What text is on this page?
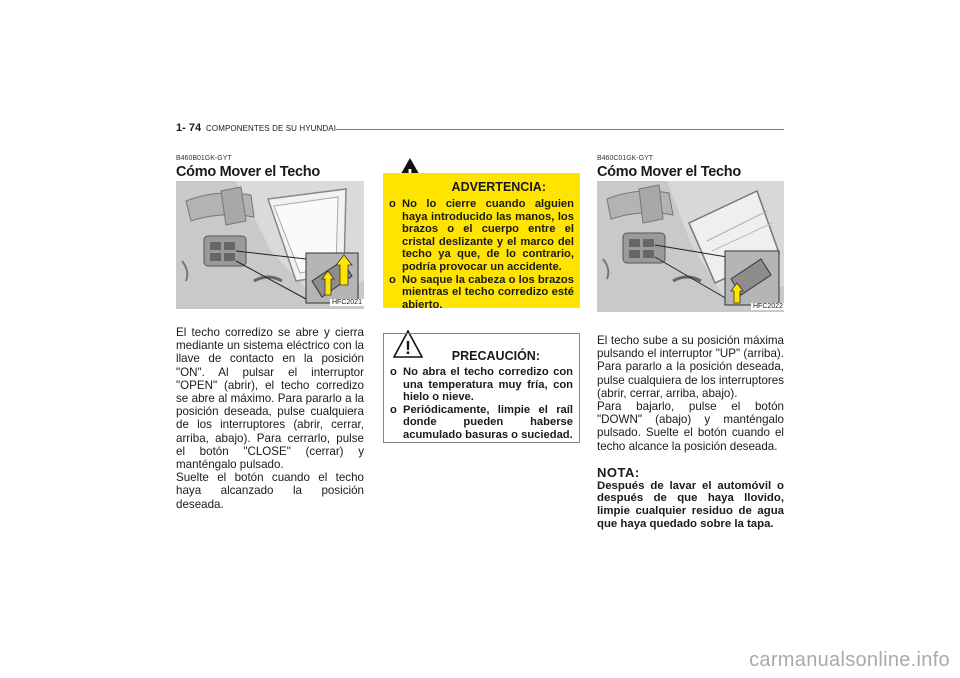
1- 74 COMPONENTES DE SU HYUNDAI
B460B01GK-GYT
Cómo Mover el Techo
HFC2021

El techo corredizo se abre y cierra mediante un sistema eléctrico con la llave de contacto en la posición "ON". Al pulsar el interruptor "OPEN" (abrir), el techo corredizo se abre al máximo. Para pararlo a la posición deseada, pulse cualquiera de los interruptores (abrir, cerrar, arriba, abajo). Para cerrarlo, pulse el botón "CLOSE" (cerrar) y manténgalo pulsado.

Suelte el botón cuando el techo haya alcanzado la posición deseada.

ADVERTENCIA:
o No lo cierre cuando alguien haya introducido las manos, los brazos o el cuerpo entre el cristal deslizante y el marco del techo ya que, de lo contrario, podría provocar un accidente.
o No saque la cabeza o los brazos mientras el techo corredizo esté abierto.
!	PRECAUCIÓN:
o No abra el techo corredizo con una temperatura muy fría, con hielo o nieve.
o Periódicamente, limpie el raíl donde pueden haberse acumulado basuras o suciedad.
B460C01GK-GYT
Cómo Mover el Techo
HFC2022

El techo sube a su posición máxima pulsando el interruptor "UP" (arriba). Para pararlo a la posición deseada, pulse cualquiera de los interruptores (abrir, cerrar, arriba, abajo).

Para bajarlo, pulse el botón "DOWN" (abajo) y manténgalo pulsado. Suelte el botón cuando el techo alcance la posición deseada.

NOTA:
Después de lavar el automóvil o después de que haya llovido, limpie cualquier residuo de agua que haya quedado sobre la tapa.
carmanualsonline.info
